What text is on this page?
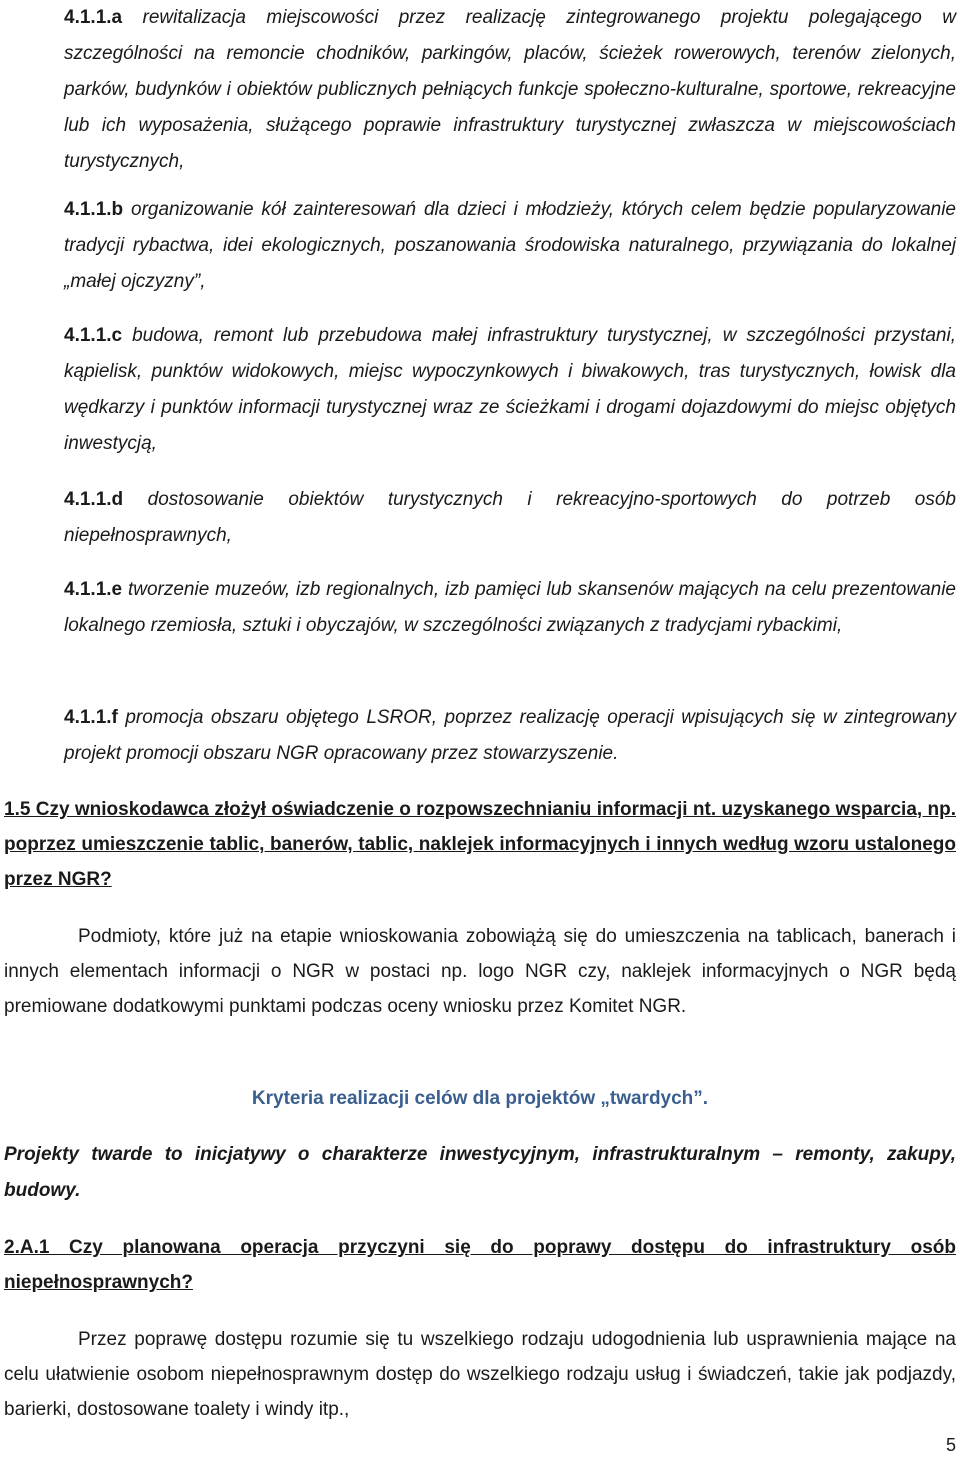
4.1.1.a rewitalizacja miejscowości przez realizację zintegrowanego projektu polegającego w szczególności na remoncie chodników, parkingów, placów, ścieżek rowerowych, terenów zielonych, parków, budynków i obiektów publicznych pełniących funkcje społeczno-kulturalne, sportowe, rekreacyjne lub ich wyposażenia, służącego poprawie infrastruktury turystycznej zwłaszcza w miejscowościach turystycznych,

4.1.1.b organizowanie kół zainteresowań dla dzieci i młodzieży, których celem będzie popularyzowanie tradycji rybactwa, idei ekologicznych, poszanowania środowiska naturalnego, przywiązania do lokalnej „małej ojczyzny”,

4.1.1.c budowa, remont lub przebudowa małej infrastruktury turystycznej, w szczególności przystani, kąpielisk, punktów widokowych, miejsc wypoczynkowych i biwakowych, tras turystycznych, łowisk dla wędkarzy i punktów informacji turystycznej wraz ze ścieżkami i drogami dojazdowymi do miejsc objętych inwestycją,

4.1.1.d dostosowanie obiektów turystycznych i rekreacyjno-sportowych do potrzeb osób niepełnosprawnych,

4.1.1.e tworzenie muzeów, izb regionalnych, izb pamięci lub skansenów mających na celu prezentowanie lokalnego rzemiosła, sztuki i obyczajów, w szczególności związanych z tradycjami rybackimi,

4.1.1.f promocja obszaru objętego LSROR, poprzez realizację operacji wpisujących się w zintegrowany projekt promocji obszaru NGR opracowany przez stowarzyszenie.

1.5 Czy wnioskodawca złożył oświadczenie o rozpowszechnianiu informacji nt. uzyskanego wsparcia, np. poprzez umieszczenie tablic, banerów, tablic, naklejek informacyjnych i innych według wzoru ustalonego przez NGR?

Podmioty, które już na etapie wnioskowania zobowiążą się do umieszczenia na tablicach, banerach i innych elementach informacji o NGR w postaci np. logo NGR czy, naklejek informacyjnych o NGR będą premiowane dodatkowymi punktami podczas oceny wniosku przez Komitet NGR.

Kryteria realizacji celów dla projektów „twardych”.

Projekty twarde to inicjatywy o charakterze inwestycyjnym, infrastrukturalnym – remonty, zakupy, budowy.

2.A.1 Czy planowana operacja przyczyni się do poprawy dostępu do infrastruktury osób niepełnosprawnych?

Przez poprawę dostępu rozumie się tu wszelkiego rodzaju udogodnienia lub usprawnienia mające na celu ułatwienie osobom niepełnosprawnym dostęp do wszelkiego rodzaju usług i świadczeń, takie jak podjazdy, barierki, dostosowane toalety i windy itp.,

5
